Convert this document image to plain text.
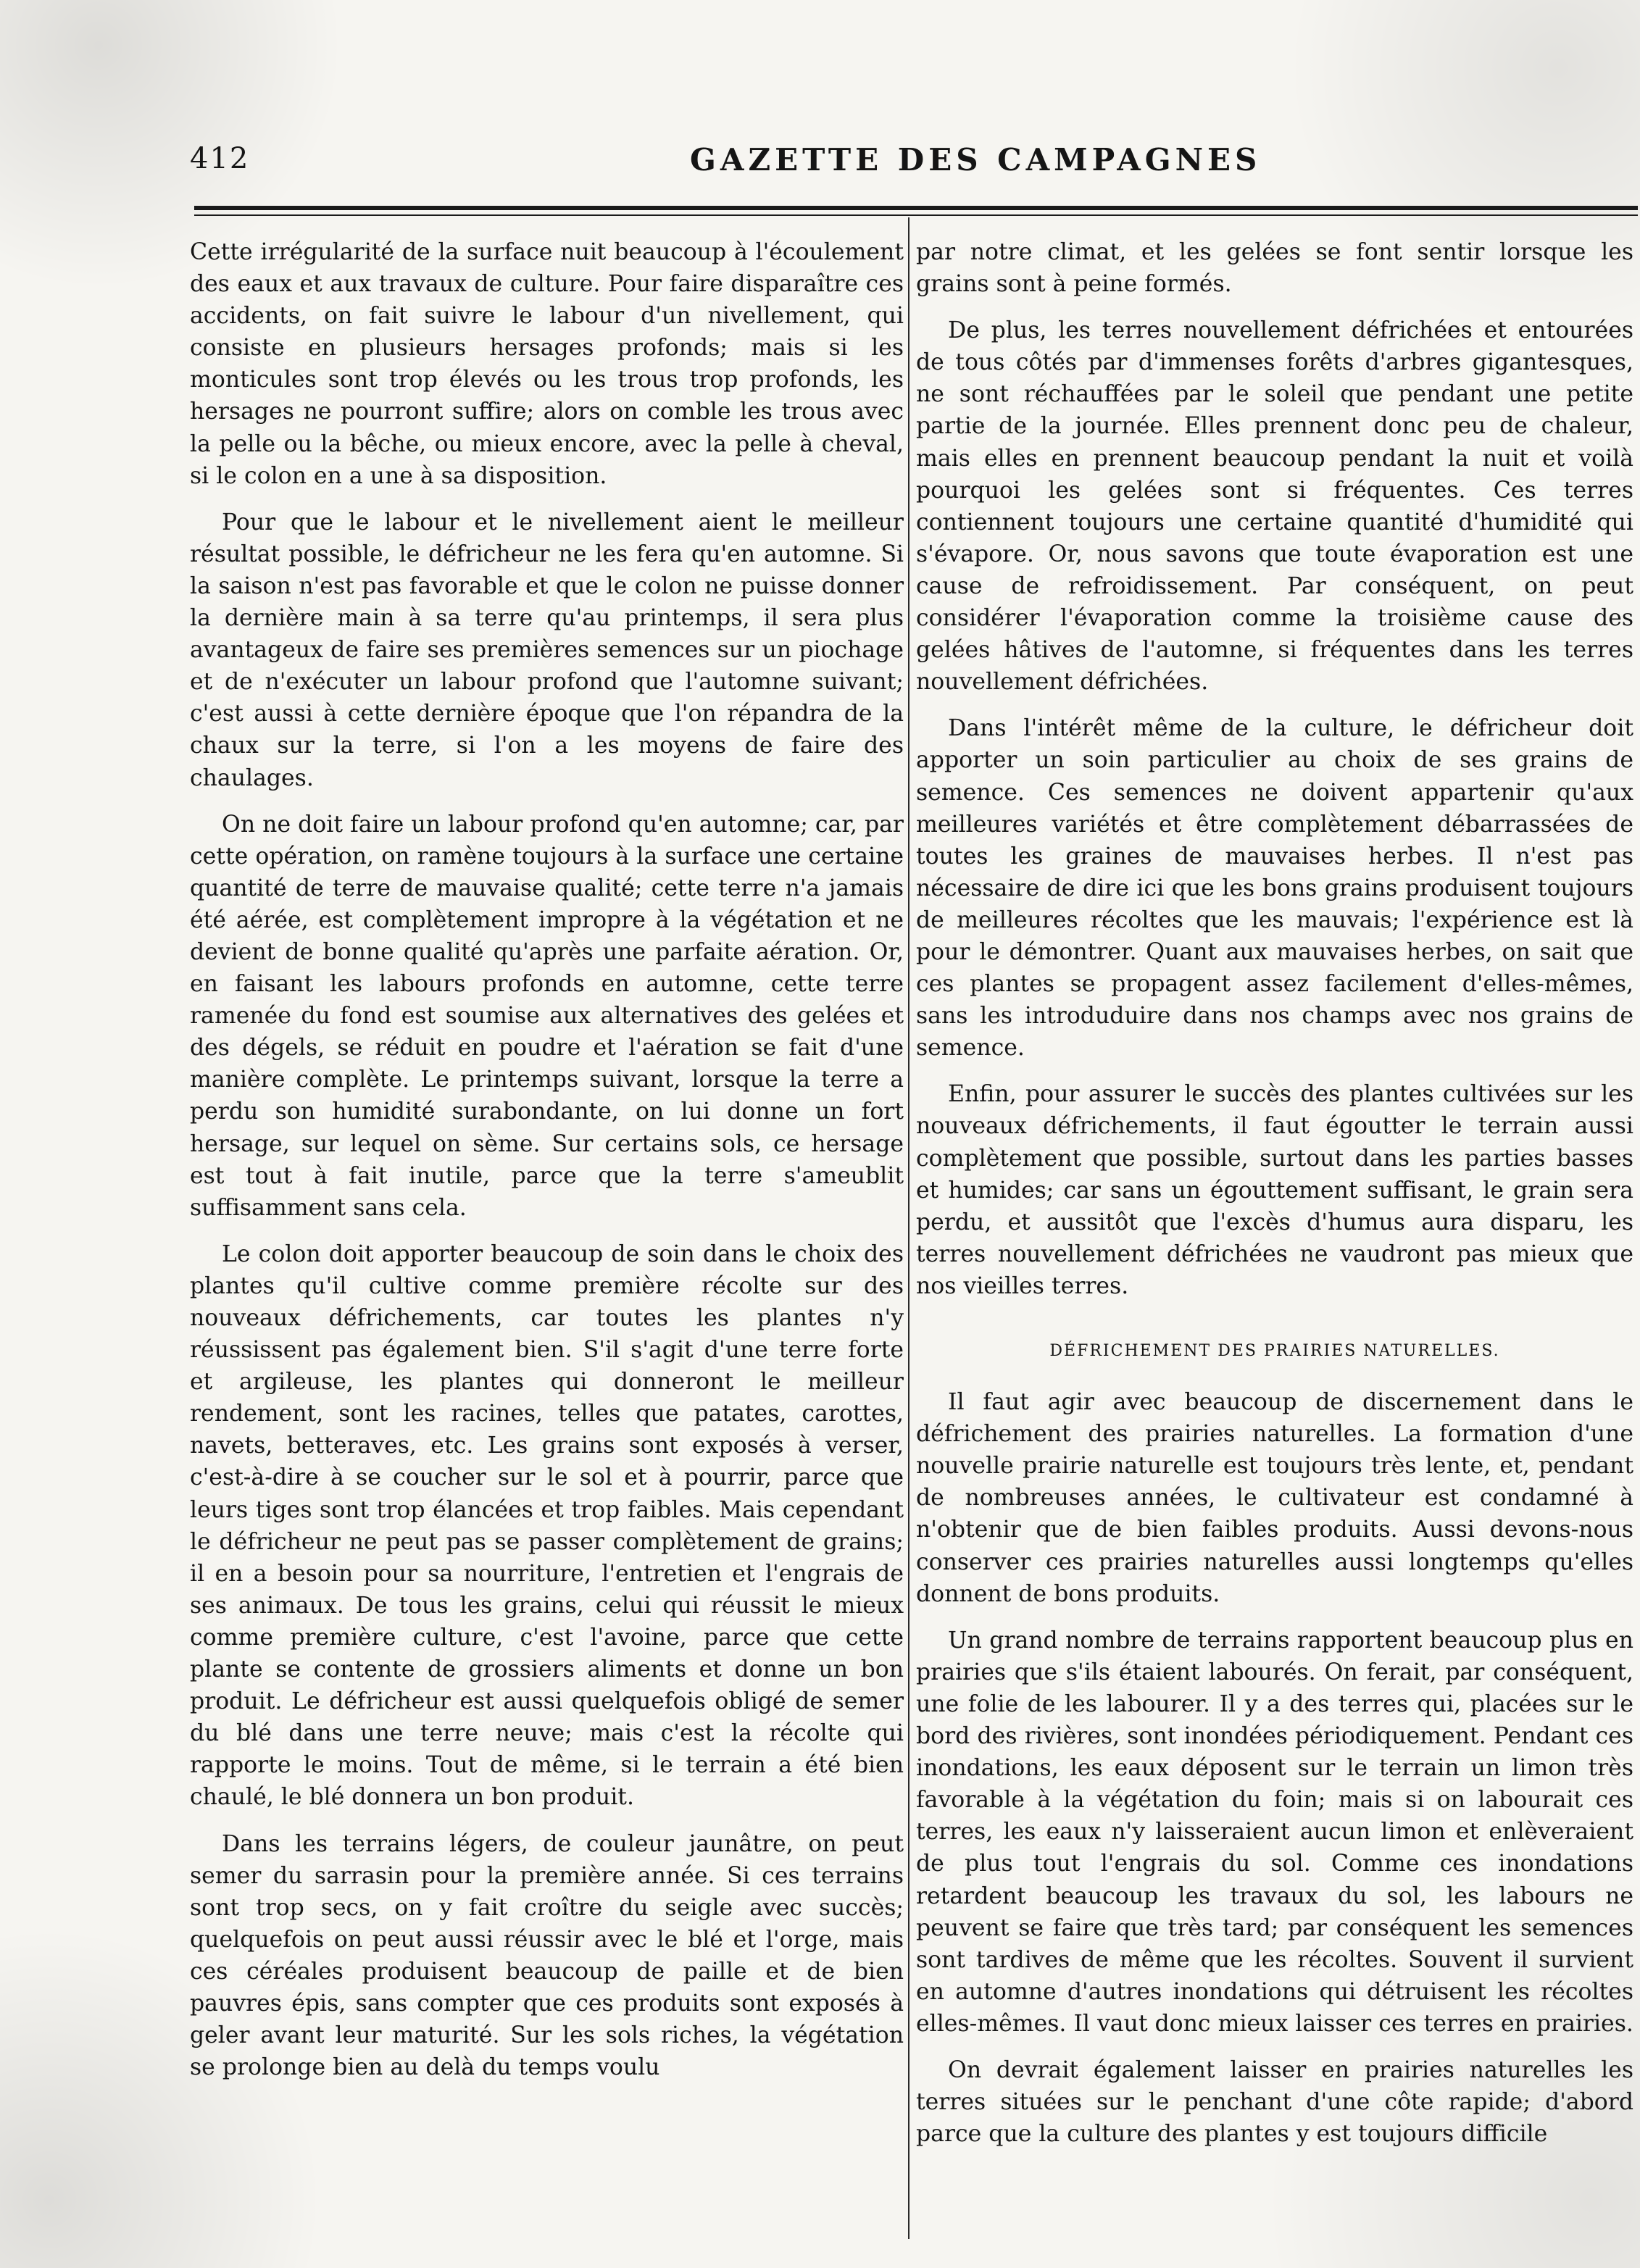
412	GAZETTE DES CAMPAGNES

Cette irrégularité de la surface nuit beaucoup à l'écoulement des eaux et aux travaux de culture. Pour faire disparaître ces accidents, on fait suivre le labour d'un nivellement, qui consiste en plusieurs hersages profonds; mais si les monticules sont trop élevés ou les trous trop profonds, les hersages ne pourront suffire; alors on comble les trous avec la pelle ou la bêche, ou mieux encore, avec la pelle à cheval, si le colon en a une à sa disposition.

Pour que le labour et le nivellement aient le meilleur résultat possible, le défricheur ne les fera qu'en automne. Si la saison n'est pas favorable et que le colon ne puisse donner la dernière main à sa terre qu'au printemps, il sera plus avantageux de faire ses premières semences sur un piochage et de n'exécuter un labour profond que l'automne suivant; c'est aussi à cette dernière époque que l'on répandra de la chaux sur la terre, si l'on a les moyens de faire des chaulages.

On ne doit faire un labour profond qu'en automne; car, par cette opération, on ramène toujours à la surface une certaine quantité de terre de mauvaise qualité; cette terre n'a jamais été aérée, est complètement impropre à la végétation et ne devient de bonne qualité qu'après une parfaite aération. Or, en faisant les labours profonds en automne, cette terre ramenée du fond est soumise aux alternatives des gelées et des dégels, se réduit en poudre et l'aération se fait d'une manière complète. Le printemps suivant, lorsque la terre a perdu son humidité surabondante, on lui donne un fort hersage, sur lequel on sème. Sur certains sols, ce hersage est tout à fait inutile, parce que la terre s'ameublit suffisamment sans cela.

Le colon doit apporter beaucoup de soin dans le choix des plantes qu'il cultive comme première récolte sur des nouveaux défrichements, car toutes les plantes n'y réussissent pas également bien. S'il s'agit d'une terre forte et argileuse, les plantes qui donneront le meilleur rendement, sont les racines, telles que patates, carottes, navets, betteraves, etc. Les grains sont exposés à verser, c'est-à-dire à se coucher sur le sol et à pourrir, parce que leurs tiges sont trop élancées et trop faibles. Mais cependant le défricheur ne peut pas se passer complètement de grains; il en a besoin pour sa nourriture, l'entretien et l'engrais de ses animaux. De tous les grains, celui qui réussit le mieux comme première culture, c'est l'avoine, parce que cette plante se contente de grossiers aliments et donne un bon produit. Le défricheur est aussi quelquefois obligé de semer du blé dans une terre neuve; mais c'est la récolte qui rapporte le moins. Tout de même, si le terrain a été bien chaulé, le blé donnera un bon produit.

Dans les terrains légers, de couleur jaunâtre, on peut semer du sarrasin pour la première année. Si ces terrains sont trop secs, on y fait croître du seigle avec succès; quelquefois on peut aussi réussir avec le blé et l'orge, mais ces céréales produisent beaucoup de paille et de bien pauvres épis, sans compter que ces produits sont exposés à geler avant leur maturité. Sur les sols riches, la végétation se prolonge bien au delà du temps voulu

par notre climat, et les gelées se font sentir lorsque les grains sont à peine formés.

De plus, les terres nouvellement défrichées et entourées de tous côtés par d'immenses forêts d'arbres gigantesques, ne sont réchauffées par le soleil que pendant une petite partie de la journée. Elles prennent donc peu de chaleur, mais elles en prennent beaucoup pendant la nuit et voilà pourquoi les gelées sont si fréquentes. Ces terres contiennent toujours une certaine quantité d'humidité qui s'évapore. Or, nous savons que toute évaporation est une cause de refroidissement. Par conséquent, on peut considérer l'évaporation comme la troisième cause des gelées hâtives de l'automne, si fréquentes dans les terres nouvellement défrichées.

Dans l'intérêt même de la culture, le défricheur doit apporter un soin particulier au choix de ses grains de semence. Ces semences ne doivent appartenir qu'aux meilleures variétés et être complètement débarrassées de toutes les graines de mauvaises herbes. Il n'est pas nécessaire de dire ici que les bons grains produisent toujours de meilleures récoltes que les mauvais; l'expérience est là pour le démontrer. Quant aux mauvaises herbes, on sait que ces plantes se propagent assez facilement d'elles-mêmes, sans les introduduire dans nos champs avec nos grains de semence.

Enfin, pour assurer le succès des plantes cultivées sur les nouveaux défrichements, il faut égoutter le terrain aussi complètement que possible, surtout dans les parties basses et humides; car sans un égouttement suffisant, le grain sera perdu, et aussitôt que l'excès d'humus aura disparu, les terres nouvellement défrichées ne vaudront pas mieux que nos vieilles terres.

DÉFRICHEMENT DES PRAIRIES NATURELLES.

Il faut agir avec beaucoup de discernement dans le défrichement des prairies naturelles. La formation d'une nouvelle prairie naturelle est toujours très lente, et, pendant de nombreuses années, le cultivateur est condamné à n'obtenir que de bien faibles produits. Aussi devons-nous conserver ces prairies naturelles aussi longtemps qu'elles donnent de bons produits.

Un grand nombre de terrains rapportent beaucoup plus en prairies que s'ils étaient labourés. On ferait, par conséquent, une folie de les labourer. Il y a des terres qui, placées sur le bord des rivières, sont inondées périodiquement. Pendant ces inondations, les eaux déposent sur le terrain un limon très favorable à la végétation du foin; mais si on labourait ces terres, les eaux n'y laisseraient aucun limon et enlèveraient de plus tout l'engrais du sol. Comme ces inondations retardent beaucoup les travaux du sol, les labours ne peuvent se faire que très tard; par conséquent les semences sont tardives de même que les récoltes. Souvent il survient en automne d'autres inondations qui détruisent les récoltes elles-mêmes. Il vaut donc mieux laisser ces terres en prairies.

On devrait également laisser en prairies naturelles les terres situées sur le penchant d'une côte rapide; d'abord parce que la culture des plantes y est toujours difficile
